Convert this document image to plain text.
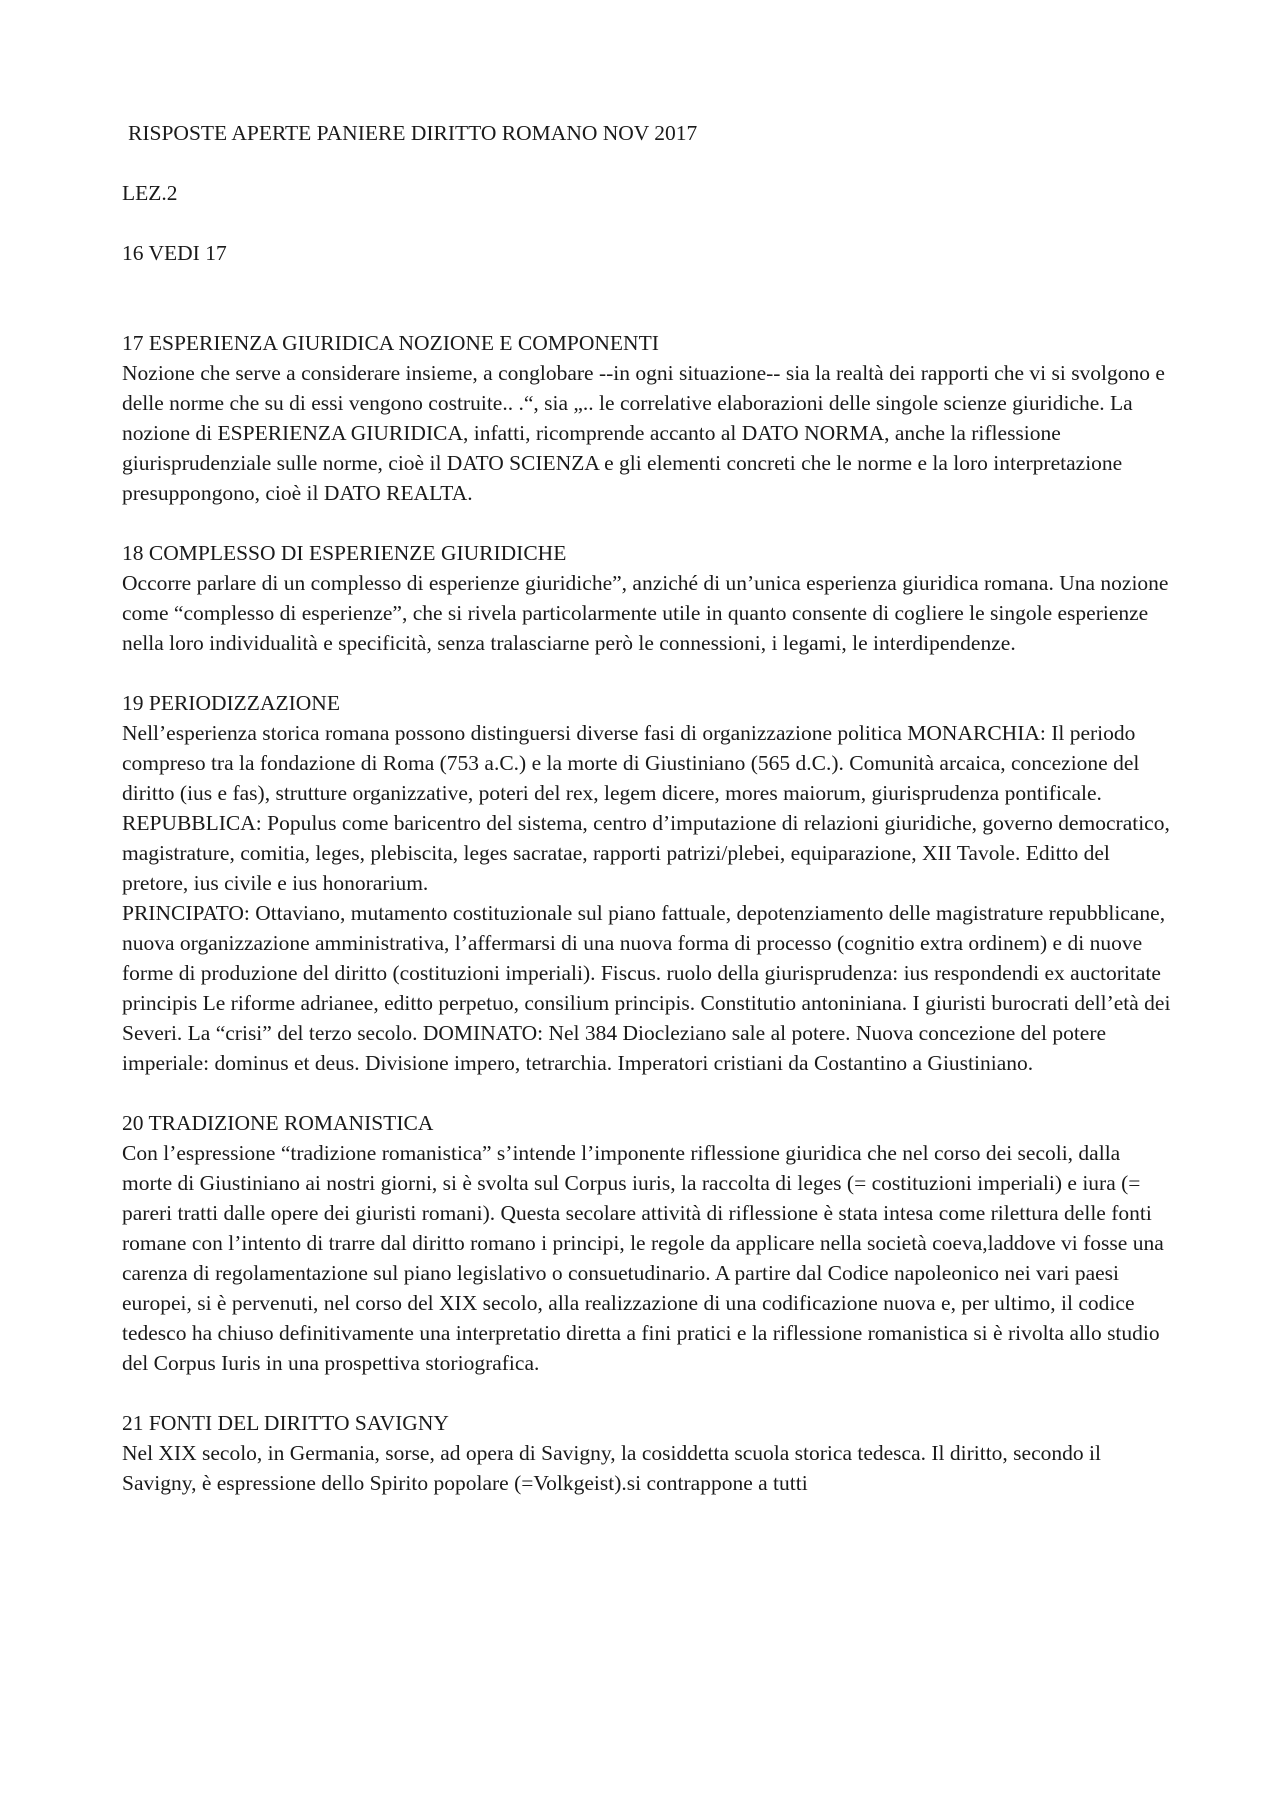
RISPOSTE APERTE PANIERE DIRITTO ROMANO NOV 2017

LEZ.2

16 VEDI 17

17 ESPERIENZA GIURIDICA NOZIONE E COMPONENTI

Nozione che serve a considerare insieme, a conglobare --in ogni situazione-- sia la realtà dei rapporti che vi si svolgono e delle norme che su di essi vengono costruite.. .“, sia „.. le correlative elaborazioni delle singole scienze giuridiche. La nozione di ESPERIENZA GIURIDICA, infatti, ricomprende accanto al DATO NORMA, anche la riflessione giurisprudenziale sulle norme, cioè il DATO SCIENZA e gli elementi concreti che le norme e la loro interpretazione presuppongono, cioè il DATO REALTA.

18 COMPLESSO DI ESPERIENZE GIURIDICHE

Occorre parlare di un complesso di esperienze giuridiche”, anziché di un’unica esperienza giuridica romana. Una nozione come “complesso di esperienze”, che si rivela particolarmente utile in quanto consente di cogliere le singole esperienze nella loro individualità e specificità, senza tralasciarne però le connessioni, i legami, le interdipendenze.

19 PERIODIZZAZIONE

Nell’esperienza storica romana possono distinguersi diverse fasi di organizzazione politica MONARCHIA: Il periodo compreso tra la fondazione di Roma (753 a.C.) e la morte di Giustiniano (565 d.C.). Comunità arcaica, concezione del diritto (ius e fas), strutture organizzative, poteri del rex, legem dicere, mores maiorum, giurisprudenza pontificale. REPUBBLICA: Populus come baricentro del sistema, centro d’imputazione di relazioni giuridiche, governo democratico, magistrature, comitia, leges, plebiscita, leges sacratae, rapporti patrizi/plebei, equiparazione, XII Tavole. Editto del pretore, ius civile e ius honorarium.

PRINCIPATO: Ottaviano, mutamento costituzionale sul piano fattuale, depotenziamento delle magistrature repubblicane, nuova organizzazione amministrativa, l’affermarsi di una nuova forma di processo (cognitio extra ordinem) e di nuove forme di produzione del diritto (costituzioni imperiali). Fiscus. ruolo della giurisprudenza: ius respondendi ex auctoritate principis Le riforme adrianee, editto perpetuo, consilium principis. Constitutio antoniniana. I giuristi burocrati dell’età dei Severi. La “crisi” del terzo secolo. DOMINATO: Nel 384 Diocleziano sale al potere. Nuova concezione del potere imperiale: dominus et deus. Divisione impero, tetrarchia. Imperatori cristiani da Costantino a Giustiniano.

20 TRADIZIONE ROMANISTICA

Con l’espressione “tradizione romanistica” s’intende l’imponente riflessione giuridica che nel corso dei secoli, dalla morte di Giustiniano ai nostri giorni, si è svolta sul Corpus iuris, la raccolta di leges (= costituzioni imperiali) e iura (= pareri tratti dalle opere dei giuristi romani). Questa secolare attività di riflessione è stata intesa come rilettura delle fonti romane con l’intento di trarre dal diritto romano i principi, le regole da applicare nella società coeva,laddove vi fosse una carenza di regolamentazione sul piano legislativo o consuetudinario. A partire dal Codice napoleonico nei vari paesi europei, si è pervenuti, nel corso del XIX secolo, alla realizzazione di una codificazione nuova e, per ultimo, il codice tedesco ha chiuso definitivamente una interpretatio diretta a fini pratici e la riflessione romanistica si è rivolta allo studio del Corpus Iuris in una prospettiva storiografica.

21 FONTI DEL DIRITTO SAVIGNY

Nel XIX secolo, in Germania, sorse, ad opera di Savigny, la cosiddetta scuola storica tedesca. Il diritto, secondo il Savigny, è espressione dello Spirito popolare (=Volkgeist).si contrappone a tutti
